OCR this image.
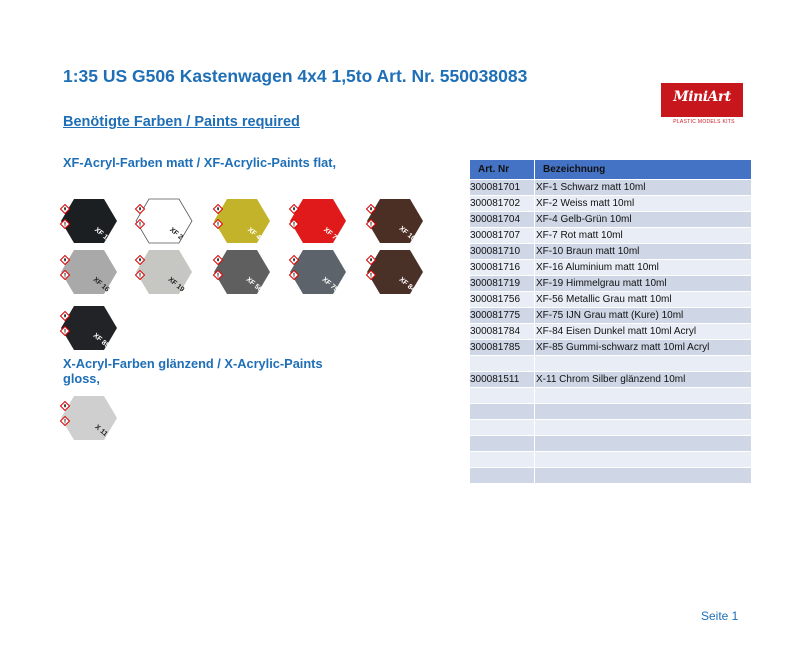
1:35 US G506 Kastenwagen 4x4 1,5to Art. Nr. 550038083
Benötigte Farben / Paints required
MiniArt
PLASTIC MODELS KITS
XF-Acryl-Farben matt / XF-Acrylic-Paints flat,
X-Acryl-Farben glänzend / X-Acrylic-Paints gloss,
XF 1	XF 2	XF 4	XF 7	XF 10
XF 16	XF 19	XF 56	XF 75	XF 84
XF 85
X 11
Art. Nr	Bezeichnung
300081701	XF-1 Schwarz matt 10ml
300081702	XF-2 Weiss matt 10ml
300081704	XF-4 Gelb-Grün 10ml
300081707	XF-7 Rot matt 10ml
300081710	XF-10 Braun matt 10ml
300081716	XF-16 Aluminium matt 10ml
300081719	XF-19 Himmelgrau matt 10ml
300081756	XF-56 Metallic Grau matt 10ml
300081775	XF-75 IJN Grau matt (Kure) 10ml
300081784	XF-84 Eisen Dunkel matt 10ml Acryl
300081785	XF-85 Gummi-schwarz matt 10ml Acryl
300081511	X-11 Chrom Silber glänzend 10ml
Seite 1
